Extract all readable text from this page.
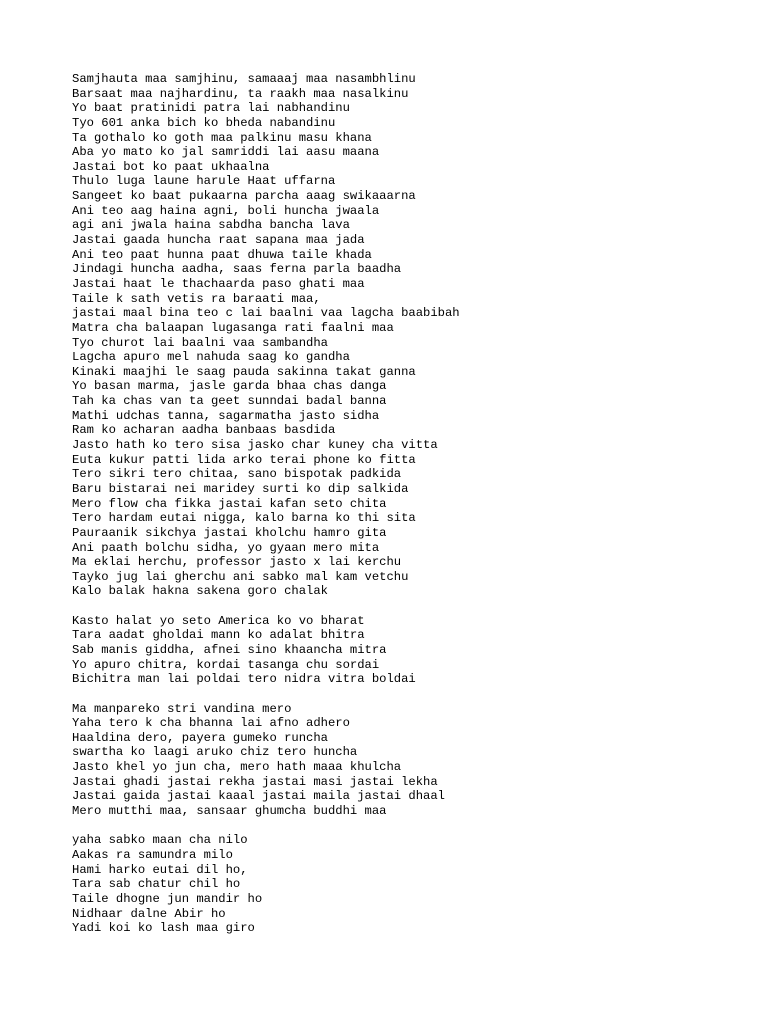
Samjhauta maa samjhinu, samaaaj maa nasambhlinu
Barsaat maa najhardinu, ta raakh maa nasalkinu
Yo baat pratinidi patra lai nabhandinu
Tyo 601 anka bich ko bheda nabandinu
Ta gothalo ko goth maa palkinu masu khana
Aba yo mato ko jal samriddi lai aasu maana
Jastai bot ko paat ukhaalna
Thulo luga laune harule Haat uffarna
Sangeet ko baat pukaarna parcha aaag swikaaarna
Ani teo aag haina agni, boli huncha jwaala
agi ani jwala haina sabdha bancha lava
Jastai gaada huncha raat sapana maa jada
Ani teo paat hunna paat dhuwa taile khada
Jindagi huncha aadha, saas ferna parla baadha
Jastai haat le thachaarda paso ghati maa
Taile k sath vetis ra baraati maa,
jastai maal bina teo c lai baalni vaa lagcha baabibah
Matra cha balaapan lugasanga rati faalni maa
Tyo churot lai baalni vaa sambandha
Lagcha apuro mel nahuda saag ko gandha
Kinaki maajhi le saag pauda sakinna takat ganna
Yo basan marma, jasle garda bhaa chas danga
Tah ka chas van ta geet sunndai badal banna
Mathi udchas tanna, sagarmatha jasto sidha
Ram ko acharan aadha banbaas basdida
Jasto hath ko tero sisa jasko char kuney cha vitta
Euta kukur patti lida arko terai phone ko fitta
Tero sikri tero chitaa, sano bispotak padkida
Baru bistarai nei maridey surti ko dip salkida
Mero flow cha fikka jastai kafan seto chita
Tero hardam eutai nigga, kalo barna ko thi sita
Pauraanik sikchya jastai kholchu hamro gita
Ani paath bolchu sidha, yo gyaan mero mita
Ma eklai herchu, professor jasto x lai kerchu
Tayko jug lai gherchu ani sabko mal kam vetchu
Kalo balak hakna sakena goro chalak
Kasto halat yo seto America ko vo bharat
Tara aadat gholdai mann ko adalat bhitra
Sab manis giddha, afnei sino khaancha mitra
Yo apuro chitra, kordai tasanga chu sordai
Bichitra man lai poldai tero nidra vitra boldai
Ma manpareko stri vandina mero
Yaha tero k cha bhanna lai afno adhero
Haaldina dero, payera gumeko runcha
swartha ko laagi aruko chiz tero huncha
Jasto khel yo jun cha, mero hath maaa khulcha
Jastai ghadi jastai rekha jastai masi jastai lekha
Jastai gaida jastai kaaal jastai maila jastai dhaal
Mero mutthi maa, sansaar ghumcha buddhi maa
yaha sabko maan cha nilo
Aakas ra samundra milo
Hami harko eutai dil ho,
Tara sab chatur chil ho
Taile dhogne jun mandir ho
Nidhaar dalne Abir ho
Yadi koi ko lash maa giro
